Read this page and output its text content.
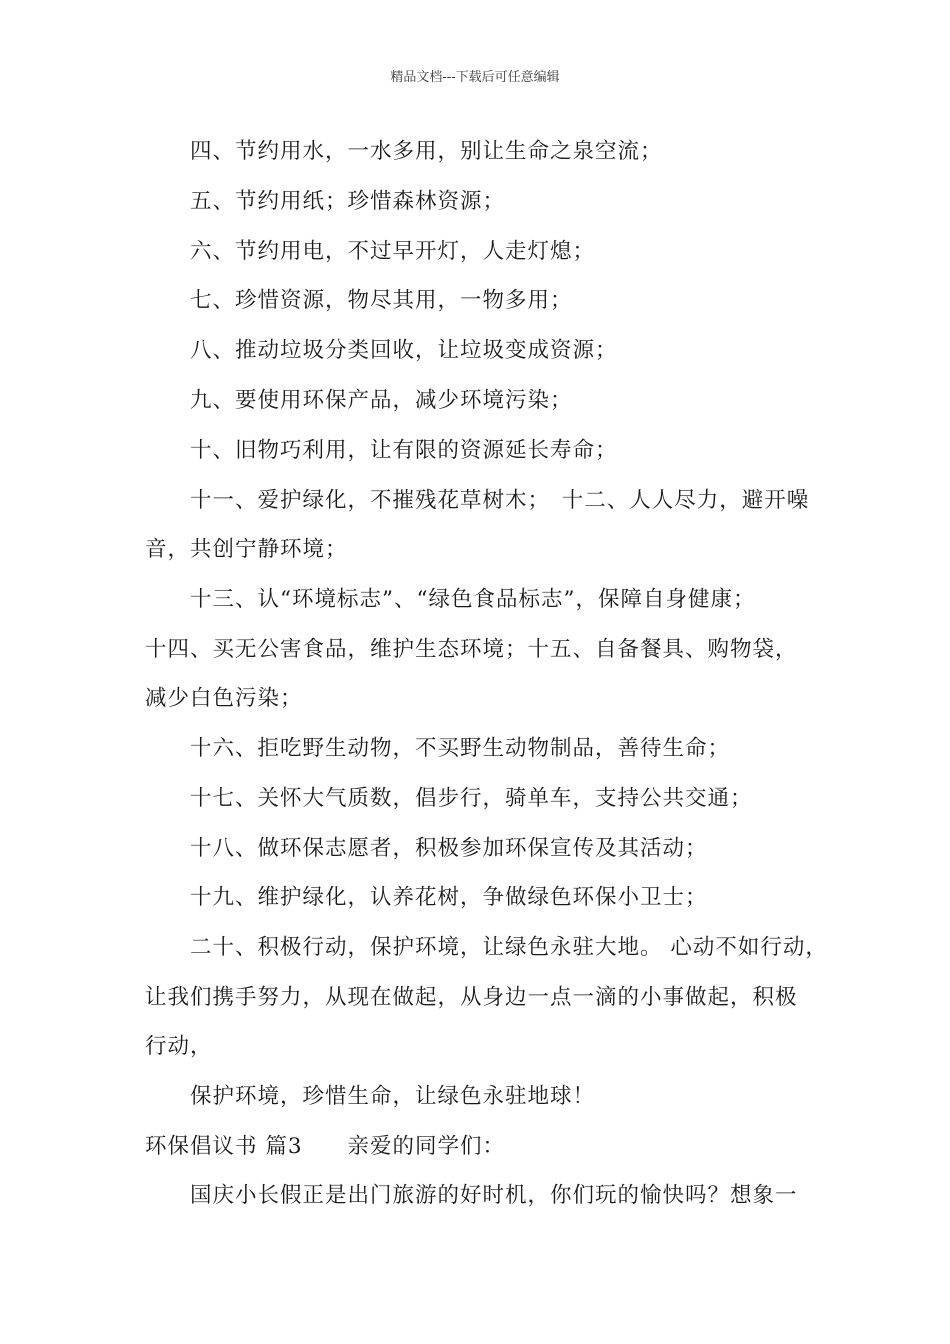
精品文档---下载后可任意编辑
四、节约用水，一水多用，别让生命之泉空流；
五、节约用纸；珍惜森林资源；
六、节约用电，不过早开灯，人走灯熄；
七、珍惜资源，物尽其用，一物多用；
八、推动垃圾分类回收，让垃圾变成资源；
九、要使用环保产品，减少环境污染；
十、旧物巧利用，让有限的资源延长寿命；
十一、爱护绿化，不摧残花草树木；　十二、人人尽力，避开噪
音，共创宁静环境；
十三、认“环境标志”、“绿色食品标志”，保障自身健康；
十四、买无公害食品，维护生态环境；十五、自备餐具、购物袋，
减少白色污染；
十六、拒吃野生动物，不买野生动物制品，善待生命；
十七、关怀大气质数，倡步行，骑单车，支持公共交通；
十八、做环保志愿者，积极参加环保宣传及其活动；
十九、维护绿化，认养花树，争做绿色环保小卫士；
二十、积极行动，保护环境，让绿色永驻大地。 心动不如行动，
让我们携手努力，从现在做起，从身边一点一滴的小事做起，积极
行动，
保护环境，珍惜生命，让绿色永驻地球！
环保倡议书 篇3　　亲爱的同学们：
国庆小长假正是出门旅游的好时机，你们玩的愉快吗？想象一
